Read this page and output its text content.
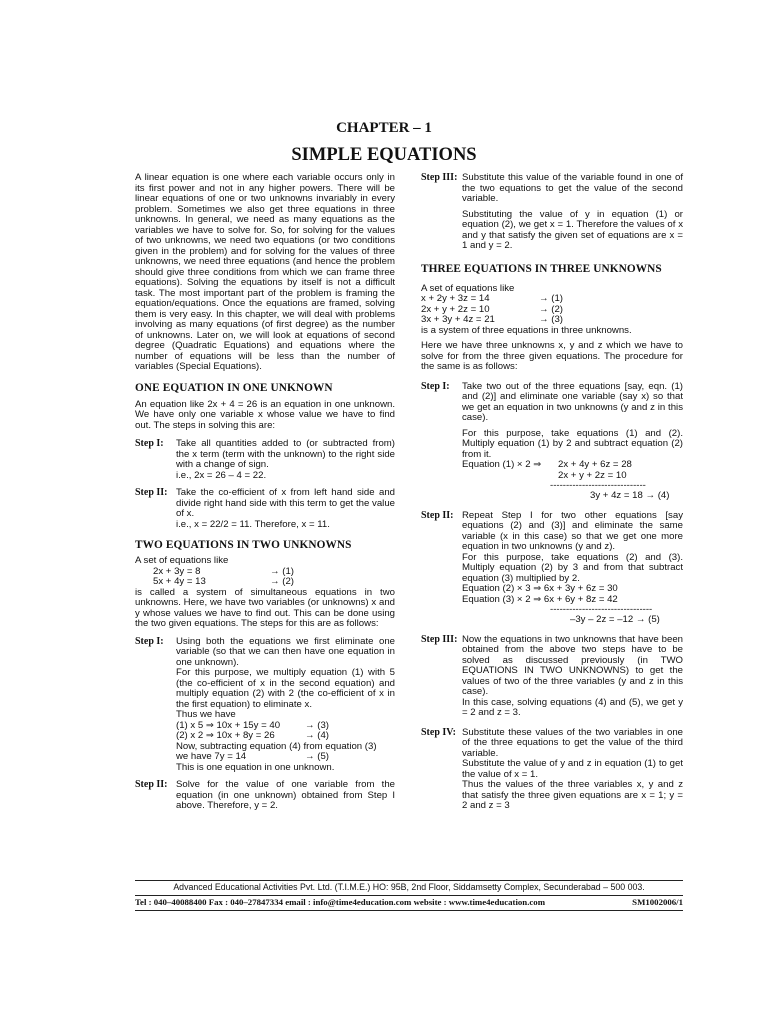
CHAPTER – 1
SIMPLE EQUATIONS

A linear equation is one where each variable occurs only in its first power and not in any higher powers. There will be linear equations of one or two unknowns invariably in every problem. Sometimes we also get three equations in three unknowns. In general, we need as many equations as the variables we have to solve for. So, for solving for the values of two unknowns, we need two equations (or two conditions given in the problem) and for solving for the values of three unknowns, we need three equations (and hence the problem should give three conditions from which we can frame three equations). Solving the equations by itself is not a difficult task. The most important part of the problem is framing the equation/equations. Once the equations are framed, solving them is very easy. In this chapter, we will deal with problems involving as many equations (of first degree) as the number of unknowns. Later on, we will look at equations of second degree (Quadratic Equations) and equations where the number of equations will be less than the number of variables (Special Equations).

ONE EQUATION IN ONE UNKNOWN

An equation like 2x + 4 = 26 is an equation in one unknown. We have only one variable x whose value we have to find out. The steps in solving this are:

Step I:	Take all quantities added to (or subtracted from) the x term (term with the unknown) to the right side with a change of sign.

i.e., 2x = 26 – 4 = 22.

Step II: Take the co-efficient of x from left hand side and divide right hand side with this term to get the value of x.

i.e., x = 22/2 = 11. Therefore, x = 11.

TWO EQUATIONS IN TWO UNKNOWNS

A set of equations like

2x + 3y = 8	→ (1)
5x + 4y = 13	→ (2)

is called a system of simultaneous equations in two unknowns. Here, we have two variables (or unknowns) x and y whose values we have to find out. This can be done using the two given equations. The steps for this are as follows:

Step I:	Using both the equations we first eliminate one variable (so that we can then have one equation in one unknown).

For this purpose, we multiply equation (1) with 5 (the co-efficient of x in the second equation) and multiply equation (2) with 2 (the co-efficient of x in the first equation) to eliminate x.

Thus we have

(1) x 5 ⇒ 10x + 15y = 40	→ (3)
(2) x 2 ⇒ 10x + 8y = 26	→ (4)

Now, subtracting equation (4) from equation (3)

we have 7y = 14	→ (5)

This is one equation in one unknown.

Step II: Solve for the value of one variable from the equation (in one unknown) obtained from Step I above. Therefore, y = 2.

Step III: Substitute this value of the variable found in one of the two equations to get the value of the second variable.

Substituting the value of y in equation (1) or equation (2), we get x = 1. Therefore the values of x and y that satisfy the given set of equations are x = 1 and y = 2.

THREE EQUATIONS IN THREE UNKNOWNS

A set of equations like

x + 2y + 3z = 14	→ (1)
2x + y + 2z = 10	→ (2)
3x + 3y + 4z = 21	→ (3)

is a system of three equations in three unknowns.

Here we have three unknowns x, y and z which we have to solve for from the three given equations. The procedure for the same is as follows:

Step I:	Take two out of the three equations [say, eqn. (1) and (2)] and eliminate one variable (say x) so that we get an equation in two unknowns (y and z in this case).

For this purpose, take equations (1) and (2). Multiply equation (1) by 2 and subtract equation (2) from it.

Equation (1) × 2 ⇒	2x + 4y + 6z = 28
2x + y + 2z = 10
------------------------------
3y + 4z = 18 → (4)
Step II: Repeat Step I for two other equations [say equations (2) and (3)] and eliminate the same variable (x in this case) so that we get one more equation in two unknowns (y and z).

For this purpose, take equations (2) and (3). Multiply equation (2) by 3 and from that subtract equation (3) multiplied by 2.

Equation (2) × 3 ⇒ 6x + 3y + 6z = 30
Equation (3) × 2 ⇒ 6x + 6y + 8z = 42
--------------------------------
–3y – 2z = –12 → (5)
Step III: Now the equations in two unknowns that have been obtained from the above two steps have to be solved as discussed previously (in TWO EQUATIONS IN TWO UNKNOWNS) to get the values of two of the three variables (y and z in this case).

In this case, solving equations (4) and (5), we get y = 2 and z = 3.

Step IV: Substitute these values of the two variables in one of the three equations to get the value of the third variable.

Substitute the value of y and z in equation (1) to get the value of x = 1.

Thus the values of the three variables x, y and z that satisfy the three given equations are x = 1; y = 2 and z = 3

Advanced Educational Activities Pvt. Ltd. (T.I.M.E.) HO: 95B, 2nd Floor, Siddamsetty Complex, Secunderabad – 500 003.
Tel : 040–40088400 Fax : 040–27847334 email : info@time4education.com website : www.time4education.com	SM1002006/1
